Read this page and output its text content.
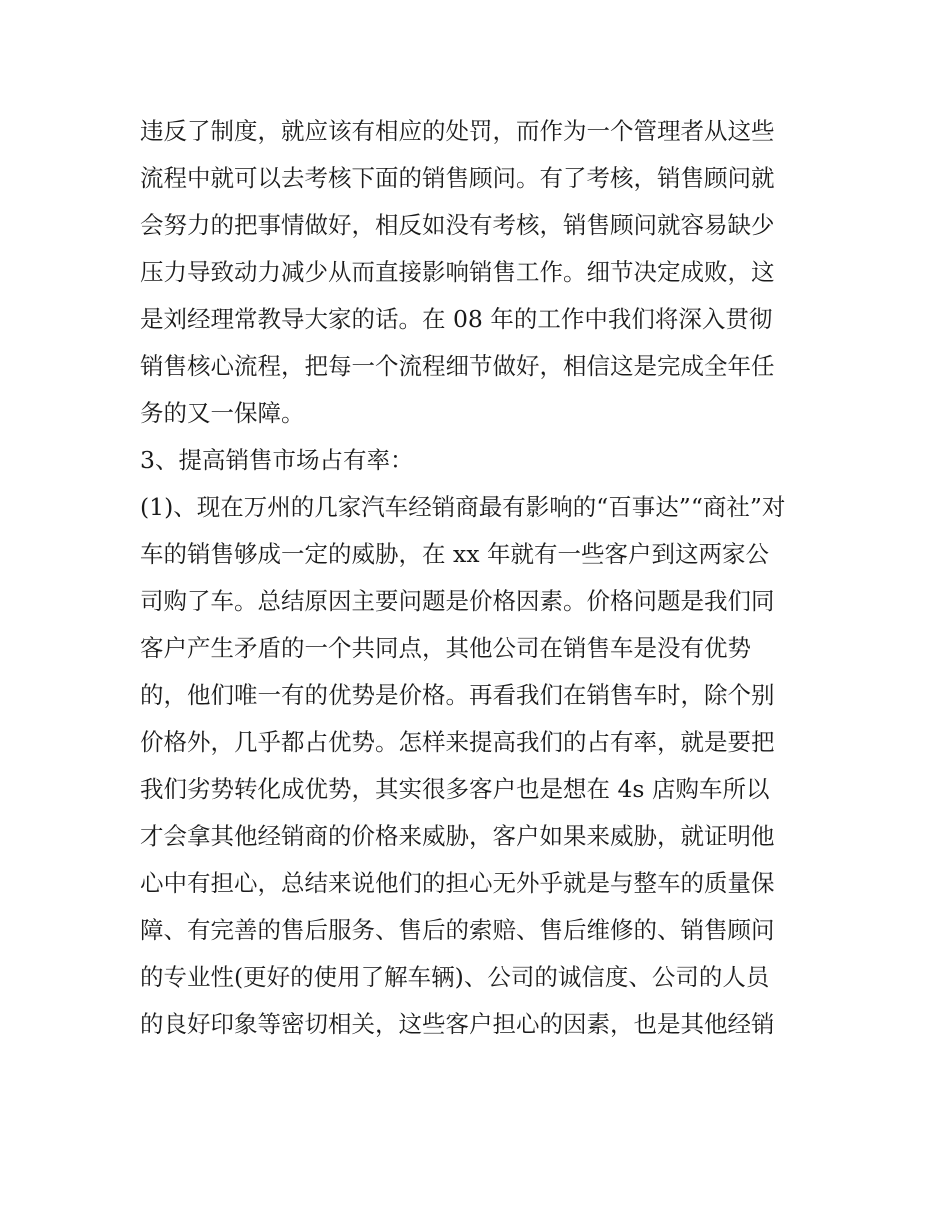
违反了制度，就应该有相应的处罚，而作为一个管理者从这些
流程中就可以去考核下面的销售顾问。有了考核，销售顾问就
会努力的把事情做好，相反如没有考核，销售顾问就容易缺少
压力导致动力减少从而直接影响销售工作。细节决定成败，这
是刘经理常教导大家的话。在 08 年的工作中我们将深入贯彻
销售核心流程，把每一个流程细节做好，相信这是完成全年任
务的又一保障。
3、提高销售市场占有率：
(1)、现在万州的几家汽车经销商最有影响的“百事达”“商社”对
车的销售够成一定的威胁，在 xx 年就有一些客户到这两家公
司购了车。总结原因主要问题是价格因素。价格问题是我们同
客户产生矛盾的一个共同点，其他公司在销售车是没有优势
的，他们唯一有的优势是价格。再看我们在销售车时，除个别
价格外，几乎都占优势。怎样来提高我们的占有率，就是要把
我们劣势转化成优势，其实很多客户也是想在 4s 店购车所以
才会拿其他经销商的价格来威胁，客户如果来威胁，就证明他
心中有担心，总结来说他们的担心无外乎就是与整车的质量保
障、有完善的售后服务、售后的索赔、售后维修的、销售顾问
的专业性(更好的使用了解车辆)、公司的诚信度、公司的人员
的良好印象等密切相关，这些客户担心的因素，也是其他经销
